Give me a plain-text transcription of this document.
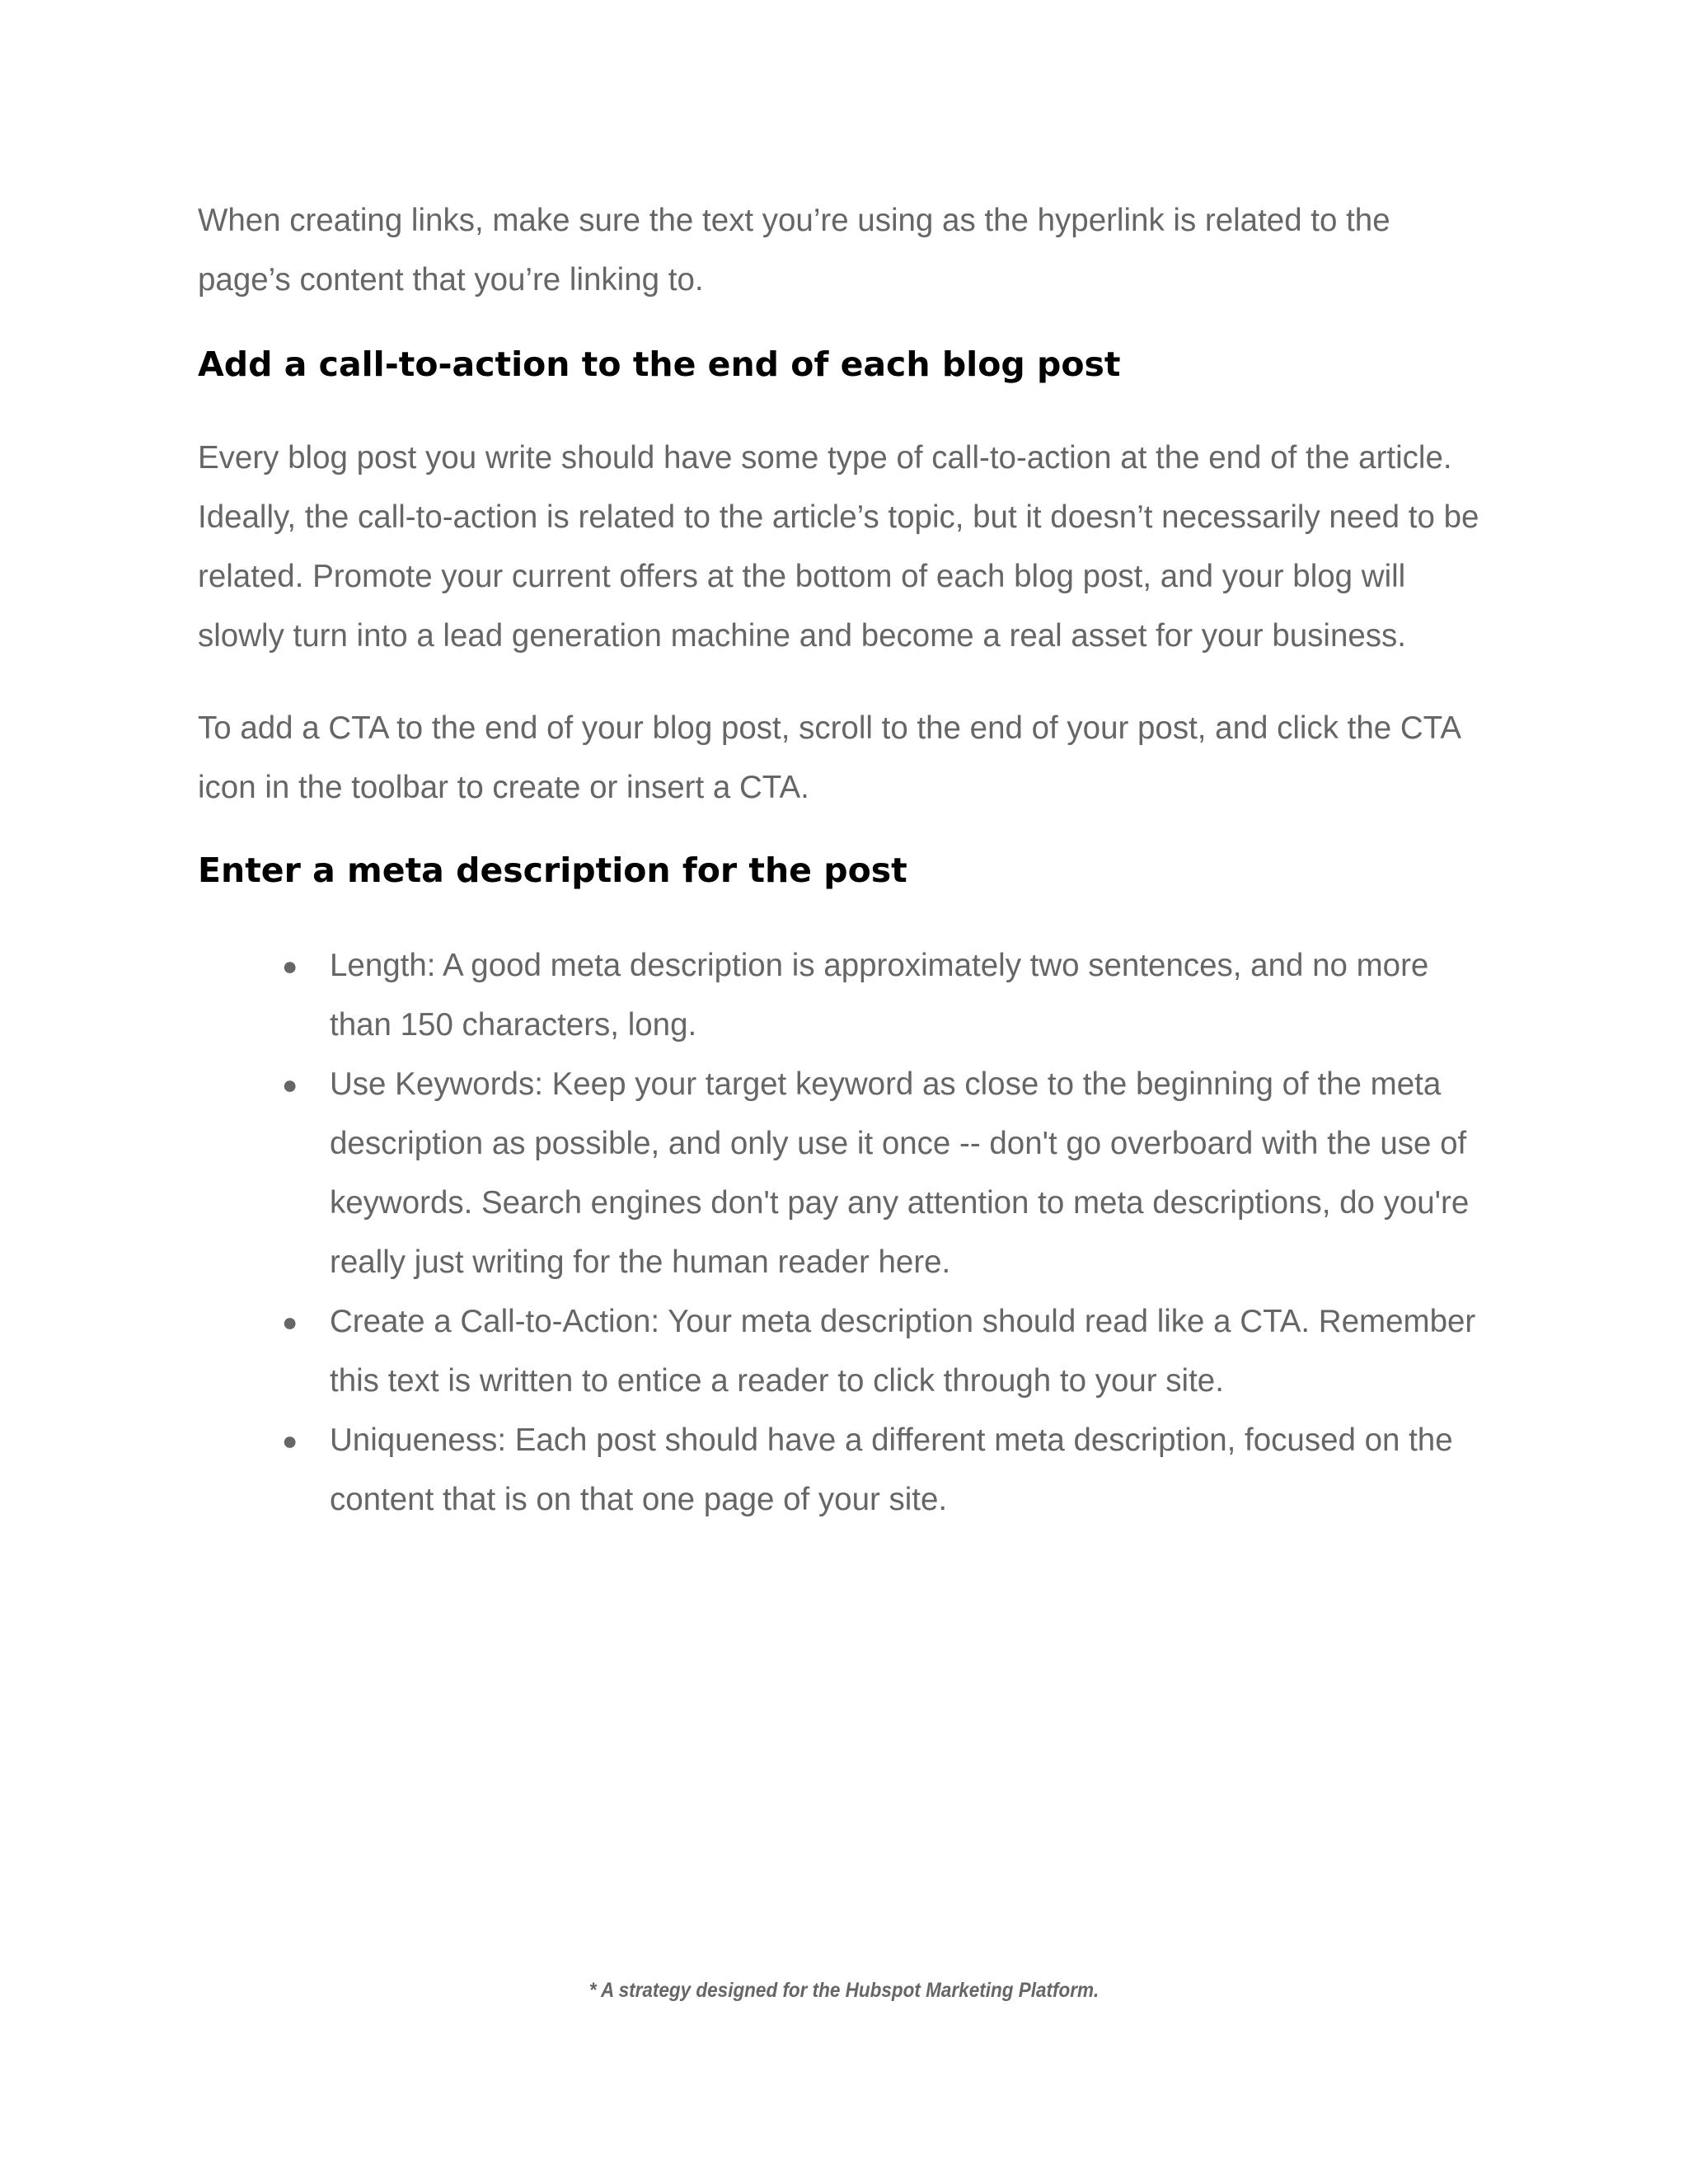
When creating links, make sure the text you’re using as the hyperlink is related to the page’s content that you’re linking to.

Add a call-to-action to the end of each blog post

Every blog post you write should have some type of call-to-action at the end of the article. Ideally, the call-to-action is related to the article’s topic, but it doesn’t necessarily need to be related. Promote your current offers at the bottom of each blog post, and your blog will slowly turn into a lead generation machine and become a real asset for your business.

To add a CTA to the end of your blog post, scroll to the end of your post, and click the CTA icon in the toolbar to create or insert a CTA.

Enter a meta description for the post
● Length: A good meta description is approximately two sentences, and no more than 150 characters, long.
● Use Keywords: Keep your target keyword as close to the beginning of the meta description as possible, and only use it once -- don't go overboard with the use of keywords. Search engines don't pay any attention to meta descriptions, do you're really just writing for the human reader here.
● Create a Call-to-Action: Your meta description should read like a CTA. Remember this text is written to entice a reader to click through to your site.
● Uniqueness: Each post should have a different meta description, focused on the content that is on that one page of your site.
* A strategy designed for the Hubspot Marketing Platform.
